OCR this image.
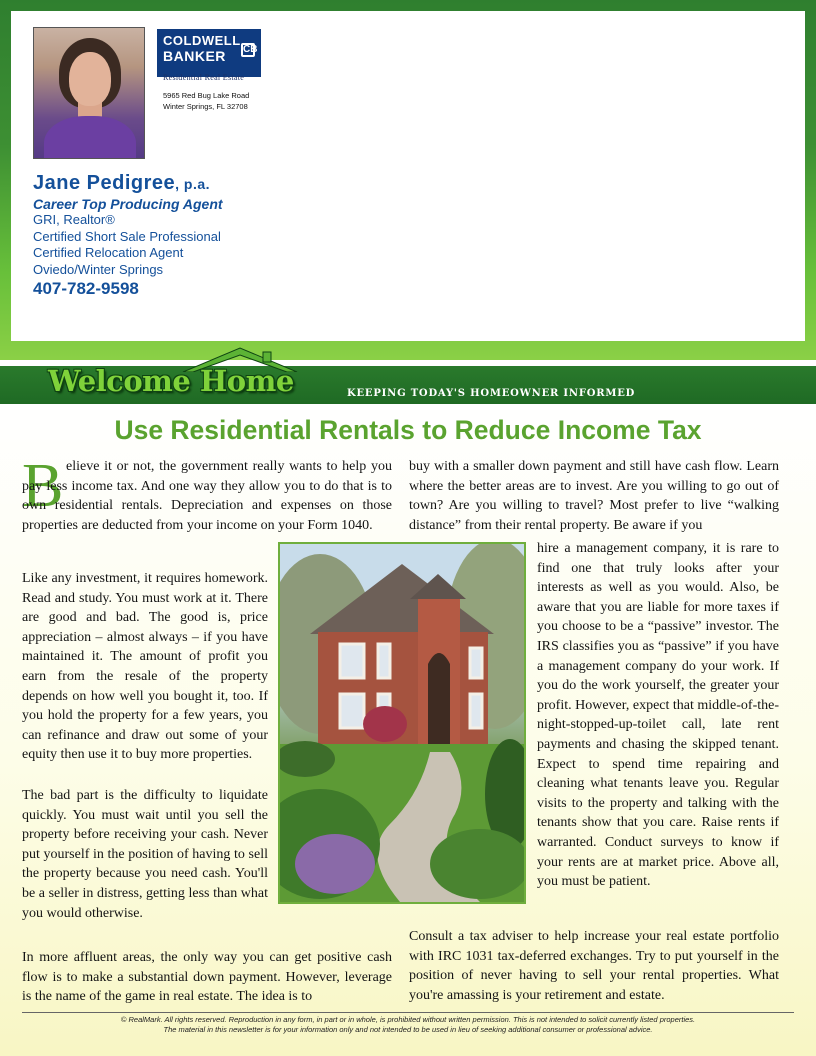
COLDWELL
BANKER CB
Residential Real Estate
5965 Red Bug Lake Road
Winter Springs, FL 32708
Jane Pedigree, p.a.
Career Top Producing Agent
GRI, Realtor®
Certified Short Sale Professional
Certified Relocation Agent
Oviedo/Winter Springs
407-782-9598
Welcome Home	KEEPING TODAY'S HOMEOWNER INFORMED
Use Residential Rentals to Reduce Income Tax
B elieve it or not, the government really wants to help you pay less income tax. And one way they allow you to do that is to own residential rentals. Depreciation and expenses on those properties are deducted from your income on your Form 1040.

Like any investment, it requires homework. Read and study. You must work at it. There are good and bad. The good is, price appreciation – almost always – if you have maintained it. The amount of profit you earn from the resale of the property depends on how well you bought it, too. If you hold the property for a few years, you can refinance and draw out some of your equity then use it to buy more properties.

The bad part is the difficulty to liquidate quickly. You must wait until you sell the property before receiving your cash. Never put yourself in the position of having to sell the property because you need cash. You'll be a seller in distress, getting less than what you would otherwise.

In more affluent areas, the only way you can get positive cash flow is to make a substantial down payment. However, leverage is the name of the game in real estate. The idea is to

buy with a smaller down payment and still have cash flow. Learn where the better areas are to invest. Are you willing to go out of town? Are you willing to travel? Most prefer to live “walking distance” from their rental property. Be aware if you

hire a management company, it is rare to find one that truly looks after your interests as well as you would. Also, be aware that you are liable for more taxes if you choose to be a “passive” investor. The IRS classifies you as “passive” if you have a management company do your work. If you do the work yourself, the greater your profit. However, expect that middle-of-the-night-stopped-up-toilet call, late rent payments and chasing the skipped tenant. Expect to spend time repairing and cleaning what tenants leave you. Regular visits to the property and talking with the tenants show that you care. Raise rents if warranted. Conduct surveys to know if your rents are at market price. Above all, you must be patient.

Consult a tax adviser to help increase your real estate portfolio with IRC 1031 tax-deferred exchanges. Try to put yourself in the position of never having to sell your rental properties. What you're amassing is your retirement and estate.

© RealMark. All rights reserved. Reproduction in any form, in part or in whole, is prohibited without written permission. This is not intended to solicit currently listed properties.
The material in this newsletter is for your information only and not intended to be used in lieu of seeking additional consumer or professional advice.
